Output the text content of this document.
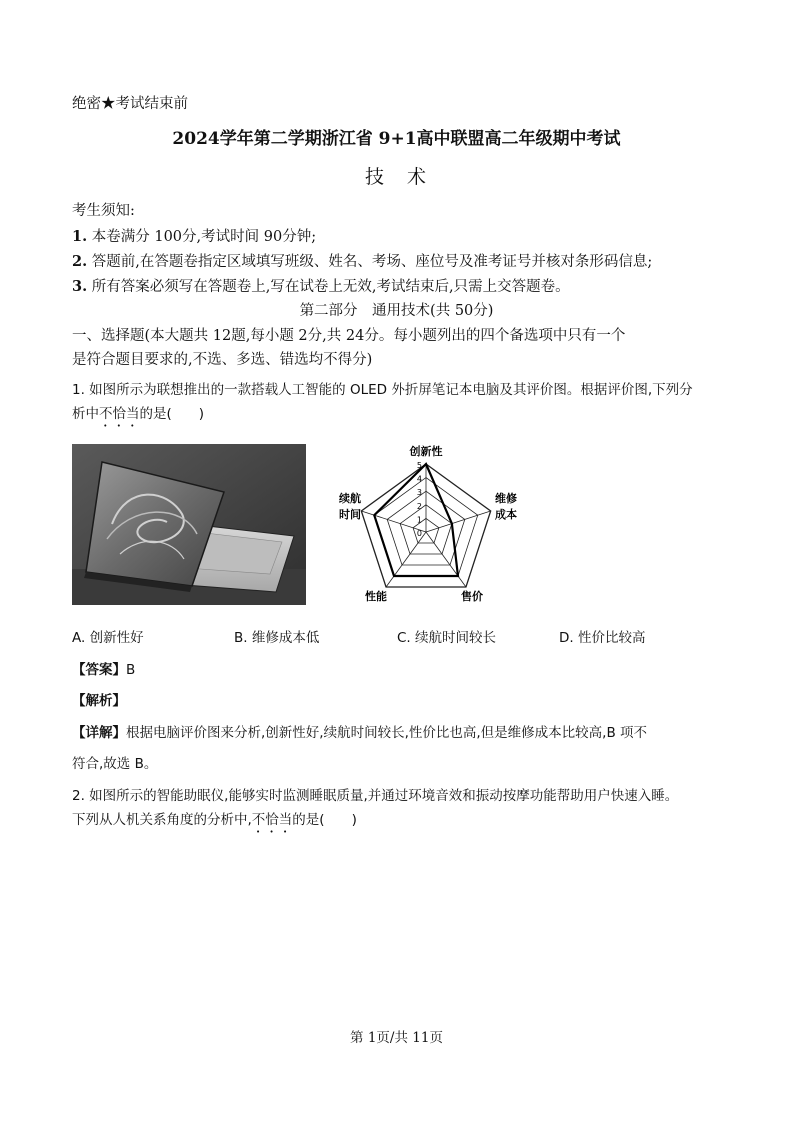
绝密★考试结束前
2024学年第二学期浙江省 9+1高中联盟高二年级期中考试
技　术
考生须知:
1. 本卷满分 100分,考试时间 90分钟;
2. 答题前,在答题卷指定区域填写班级、姓名、考场、座位号及准考证号并核对条形码信息;
3. 所有答案必须写在答题卷上,写在试卷上无效,考试结束后,只需上交答题卷。
第二部分　通用技术(共 50分)
一、选择题(本大题共 12题,每小题 2分,共 24分。每小题列出的四个备选项中只有一个
是符合题目要求的,不选、多选、错选均不得分)
1. 如图所示为联想推出的一款搭载人工智能的 OLED 外折屏笔记本电脑及其评价图。根据评价图,下列分
析中不恰当的是(　　)
5
4
3
2
1
0
创新性
维修
成本
售价
性能
续航
时间
A. 创新性好	B. 维修成本低	C. 续航时间较长	D. 性价比较高
【答案】B
【解析】
【详解】根据电脑评价图来分析,创新性好,续航时间较长,性价比也高,但是维修成本比较高,B 项不
符合,故选 B。
2. 如图所示的智能助眠仪,能够实时监测睡眠质量,并通过环境音效和振动按摩功能帮助用户快速入睡。
下列从人机关系角度的分析中,不恰当的是(　　)
第 1页/共 11页
